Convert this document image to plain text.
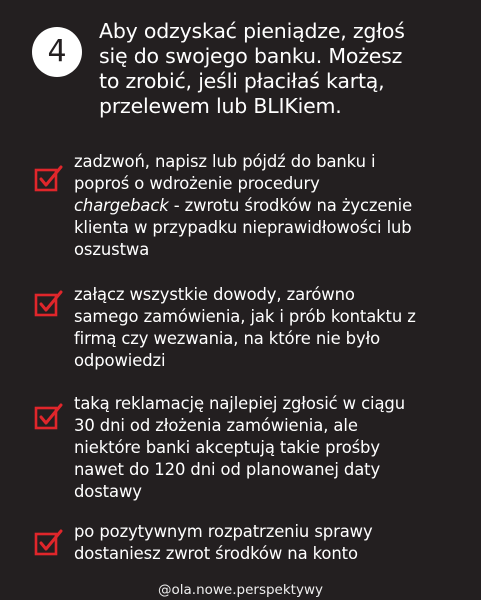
4
Aby odzyskać pieniądze, zgłoś
się do swojego banku. Możesz
to zrobić, jeśli płaciłaś kartą,
przelewem lub BLIKiem.

zadzwoń, napisz lub pójdź do banku i
poproś o wdrożenie procedury
chargeback - zwrotu środków na życzenie
klienta w przypadku nieprawidłowości lub
oszustwa

załącz wszystkie dowody, zarówno
samego zamówienia, jak i prób kontaktu z
firmą czy wezwania, na które nie było
odpowiedzi

taką reklamację najlepiej zgłosić w ciągu
30 dni od złożenia zamówienia, ale
niektóre banki akceptują takie prośby
nawet do 120 dni od planowanej daty
dostawy

po pozytywnym rozpatrzeniu sprawy
dostaniesz zwrot środków na konto

@ola.nowe.perspektywy
